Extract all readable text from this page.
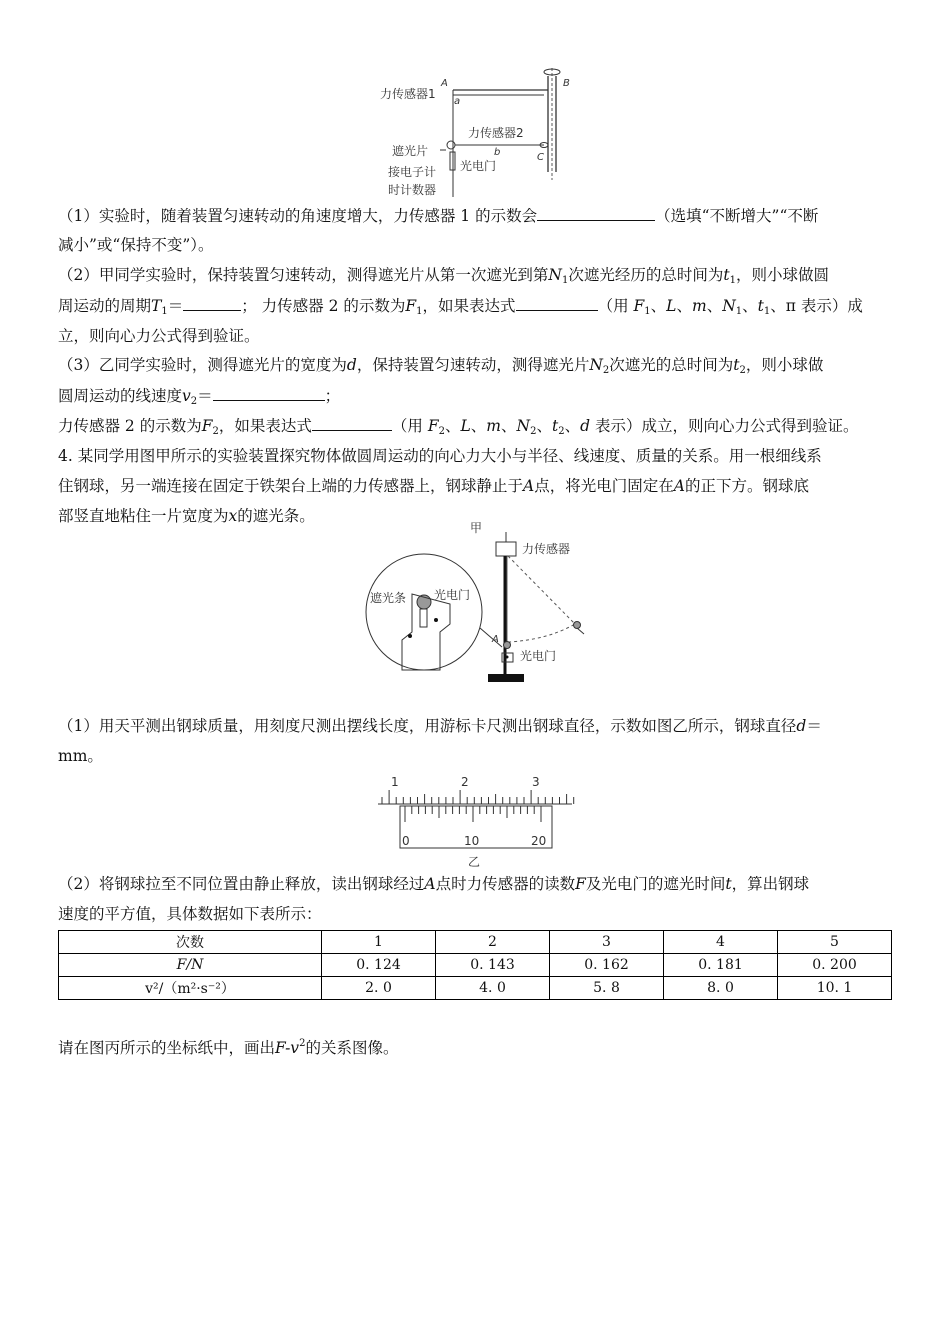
A	B
a
b	C
力传感器1
力传感器2
遮光片
光电门
接电子计
时计数器
（1）实验时，随着装置匀速转动的角速度增大，力传感器 1 的示数会	（选填“不断增大”“不断
减小”或“保持不变”）。
（2）甲同学实验时，保持装置匀速转动，测得遮光片从第一次遮光到第$N_1$次遮光经历的总时间为$t_1$，则小球做圆
周运动的周期$T_1=$	； 力传感器 2 的示数为$F_1$，如果表达式	（用 $F_1$、L、m、$N_1$、$t_1$、π 表示）成
立，则向心力公式得到验证。
（3）乙同学实验时，测得遮光片的宽度为d，保持装置匀速转动，测得遮光片$N_2$次遮光的总时间为$t_2$，则小球做
圆周运动的线速度$v_2=$	；
力传感器 2 的示数为$F_2$，如果表达式	（用 $F_2$、L、m、$N_2$、$t_2$、d 表示）成立，则向心力公式得到验证。
4. 某同学用图甲所示的实验装置探究物体做圆周运动的向心力大小与半径、线速度、质量的关系。用一根细线系
住钢球，另一端连接在固定于铁架台上端的力传感器上，钢球静止于A点，将光电门固定在A的正下方。钢球底
部竖直地粘住一片宽度为x的遮光条。
力传感器
遮光条 光电门
光电门
A
甲
（1）用天平测出钢球质量，用刻度尺测出摆线长度，用游标卡尺测出钢球直径，示数如图乙所示，钢球直径d＝
mm。
1	2	3
0	10	20
乙
（2）将钢球拉至不同位置由静止释放，读出钢球经过A点时力传感器的读数F及光电门的遮光时间t，算出钢球
速度的平方值，具体数据如下表所示：
次数	1	2	3	4	5
F/N	0. 124	0. 143	0. 162	0. 181	0. 200
v²/（m²·s⁻²）	2. 0	4. 0	5. 8	8. 0	10. 1
请在图丙所示的坐标纸中，画出$F-v^2$的关系图像。
